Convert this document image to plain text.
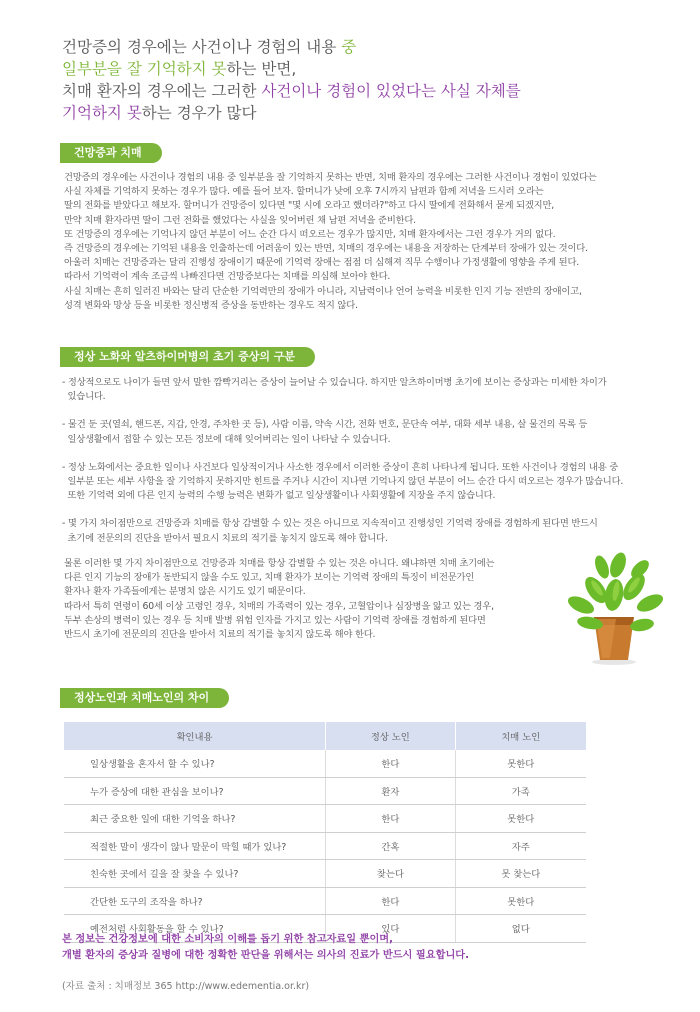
건망증의 경우에는 사건이나 경험의 내용 중
일부분을 잘 기억하지 못하는 반면,
치매 환자의 경우에는 그러한 사건이나 경험이 있었다는 사실 자체를
기억하지 못하는 경우가 많다
건망증과 치매

건망증의 경우에는 사건이나 경험의 내용 중 일부분을 잘 기억하지 못하는 반면, 치매 환자의 경우에는 그러한 사건이나 경험이 있었다는

사실 자체를 기억하지 못하는 경우가 많다. 예를 들어 보자. 할머니가 낮에 오후 7시까지 남편과 함께 저녁을 드시러 오라는

딸의 전화를 받았다고 해보자. 할머니가 건망증이 있다면 "몇 시에 오라고 했더라?"하고 다시 딸에게 전화해서 묻게 되겠지만,

만약 치매 환자라면 딸이 그런 전화를 했었다는 사실을 잊어버린 채 남편 저녁을 준비한다.

또 건망증의 경우에는 기억나지 않던 부분이 어느 순간 다시 떠오르는 경우가 많지만, 치매 환자에서는 그런 경우가 거의 없다.

즉 건망증의 경우에는 기억된 내용을 인출하는데 어려움이 있는 반면, 치매의 경우에는 내용을 저장하는 단계부터 장애가 있는 것이다.

아울러 치매는 건망증과는 달리 진행성 장애이기 때문에 기억력 장애는 점점 더 심해져 직무 수행이나 가정생활에 영향을 주게 된다.

따라서 기억력이 계속 조금씩 나빠진다면 건망증보다는 치매를 의심해 보아야 한다.

사실 치매는 흔히 일러진 바와는 달리 단순한 기억력만의 장애가 아니라, 지남력이나 언어 능력을 비롯한 인지 기능 전반의 장애이고,

성격 변화와 망상 등을 비롯한 정신병적 증상을 동반하는 경우도 적지 않다.

정상 노화와 알츠하이머병의 초기 증상의 구분
- 정상적으로도 나이가 들면 앞서 말한 깜빡거리는 증상이 늘어날 수 있습니다. 하지만 알츠하이머병 초기에 보이는 증상과는 미세한 차이가
있습니다.
- 물건 둔 곳(열쇠, 핸드폰, 지갑, 안경, 주차한 곳 등), 사람 이름, 약속 시간, 전화 번호, 문단속 여부, 대화 세부 내용, 살 물건의 목록 등
일상생활에서 접할 수 있는 모든 정보에 대해 잊어버리는 일이 나타날 수 있습니다.
- 정상 노화에서는 중요한 일이나 사건보다 일상적이거나 사소한 경우에서 이러한 증상이 흔히 나타나게 됩니다. 또한 사건이나 경험의 내용 중
일부분 또는 세부 사항을 잘 기억하지 못하지만 힌트를 주거나 시간이 지나면 기억나지 않던 부분이 어느 순간 다시 떠오르는 경우가 많습니다.
또한 기억력 외에 다른 인지 능력의 수행 능력은 변화가 없고 일상생활이나 사회생활에 지장을 주지 않습니다.
- 몇 가지 차이점만으로 건망증과 치매를 항상 감별할 수 있는 것은 아니므로 지속적이고 진행성인 기억력 장애를 경험하게 된다면 반드시
초기에 전문의의 진단을 받아서 필요시 치료의 적기를 놓치지 않도록 해야 합니다.

물론 이러한 몇 가지 차이점만으로 건망증과 치매를 항상 감별할 수 있는 것은 아니다. 왜냐하면 치매 초기에는

다른 인지 기능의 장애가 동반되지 않을 수도 있고, 치매 환자가 보이는 기억력 장애의 특징이 비전문가인

환자나 환자 가족들에게는 분명치 않은 시기도 있기 때문이다.

따라서 특히 연령이 60세 이상 고령인 경우, 치매의 가족력이 있는 경우, 고혈압이나 심장병을 앓고 있는 경우,

두부 손상의 병력이 있는 경우 등 치매 발병 위험 인자를 가지고 있는 사람이 기억력 장애를 경험하게 된다면

반드시 초기에 전문의의 진단을 받아서 치료의 적기를 놓치지 않도록 해야 한다.

정상노인과 치매노인의 차이
확인내용	정상 노인	치매 노인
일상생활을 혼자서 할 수 있나?	한다	못한다
누가 증상에 대한 관심을 보이나?	환자	가족
최근 중요한 일에 대한 기억을 하나?	한다	못한다
적절한 말이 생각이 않나 말문이 막힐 때가 있나?	간혹	자주
친숙한 곳에서 길을 잘 찾을 수 있나?	찾는다	못 찾는다
간단한 도구의 조작을 하나?	한다	못한다
예전처럼 사회활동을 할 수 있나?	있다	없다
본 정보는 건강정보에 대한 소비자의 이해를 돕기 위한 참고자료일 뿐이며,
개별 환자의 증상과 질병에 대한 정확한 판단을 위해서는 의사의 진료가 반드시 필요합니다.
(자료 출처 : 치매정보 365 http://www.edementia.or.kr)
